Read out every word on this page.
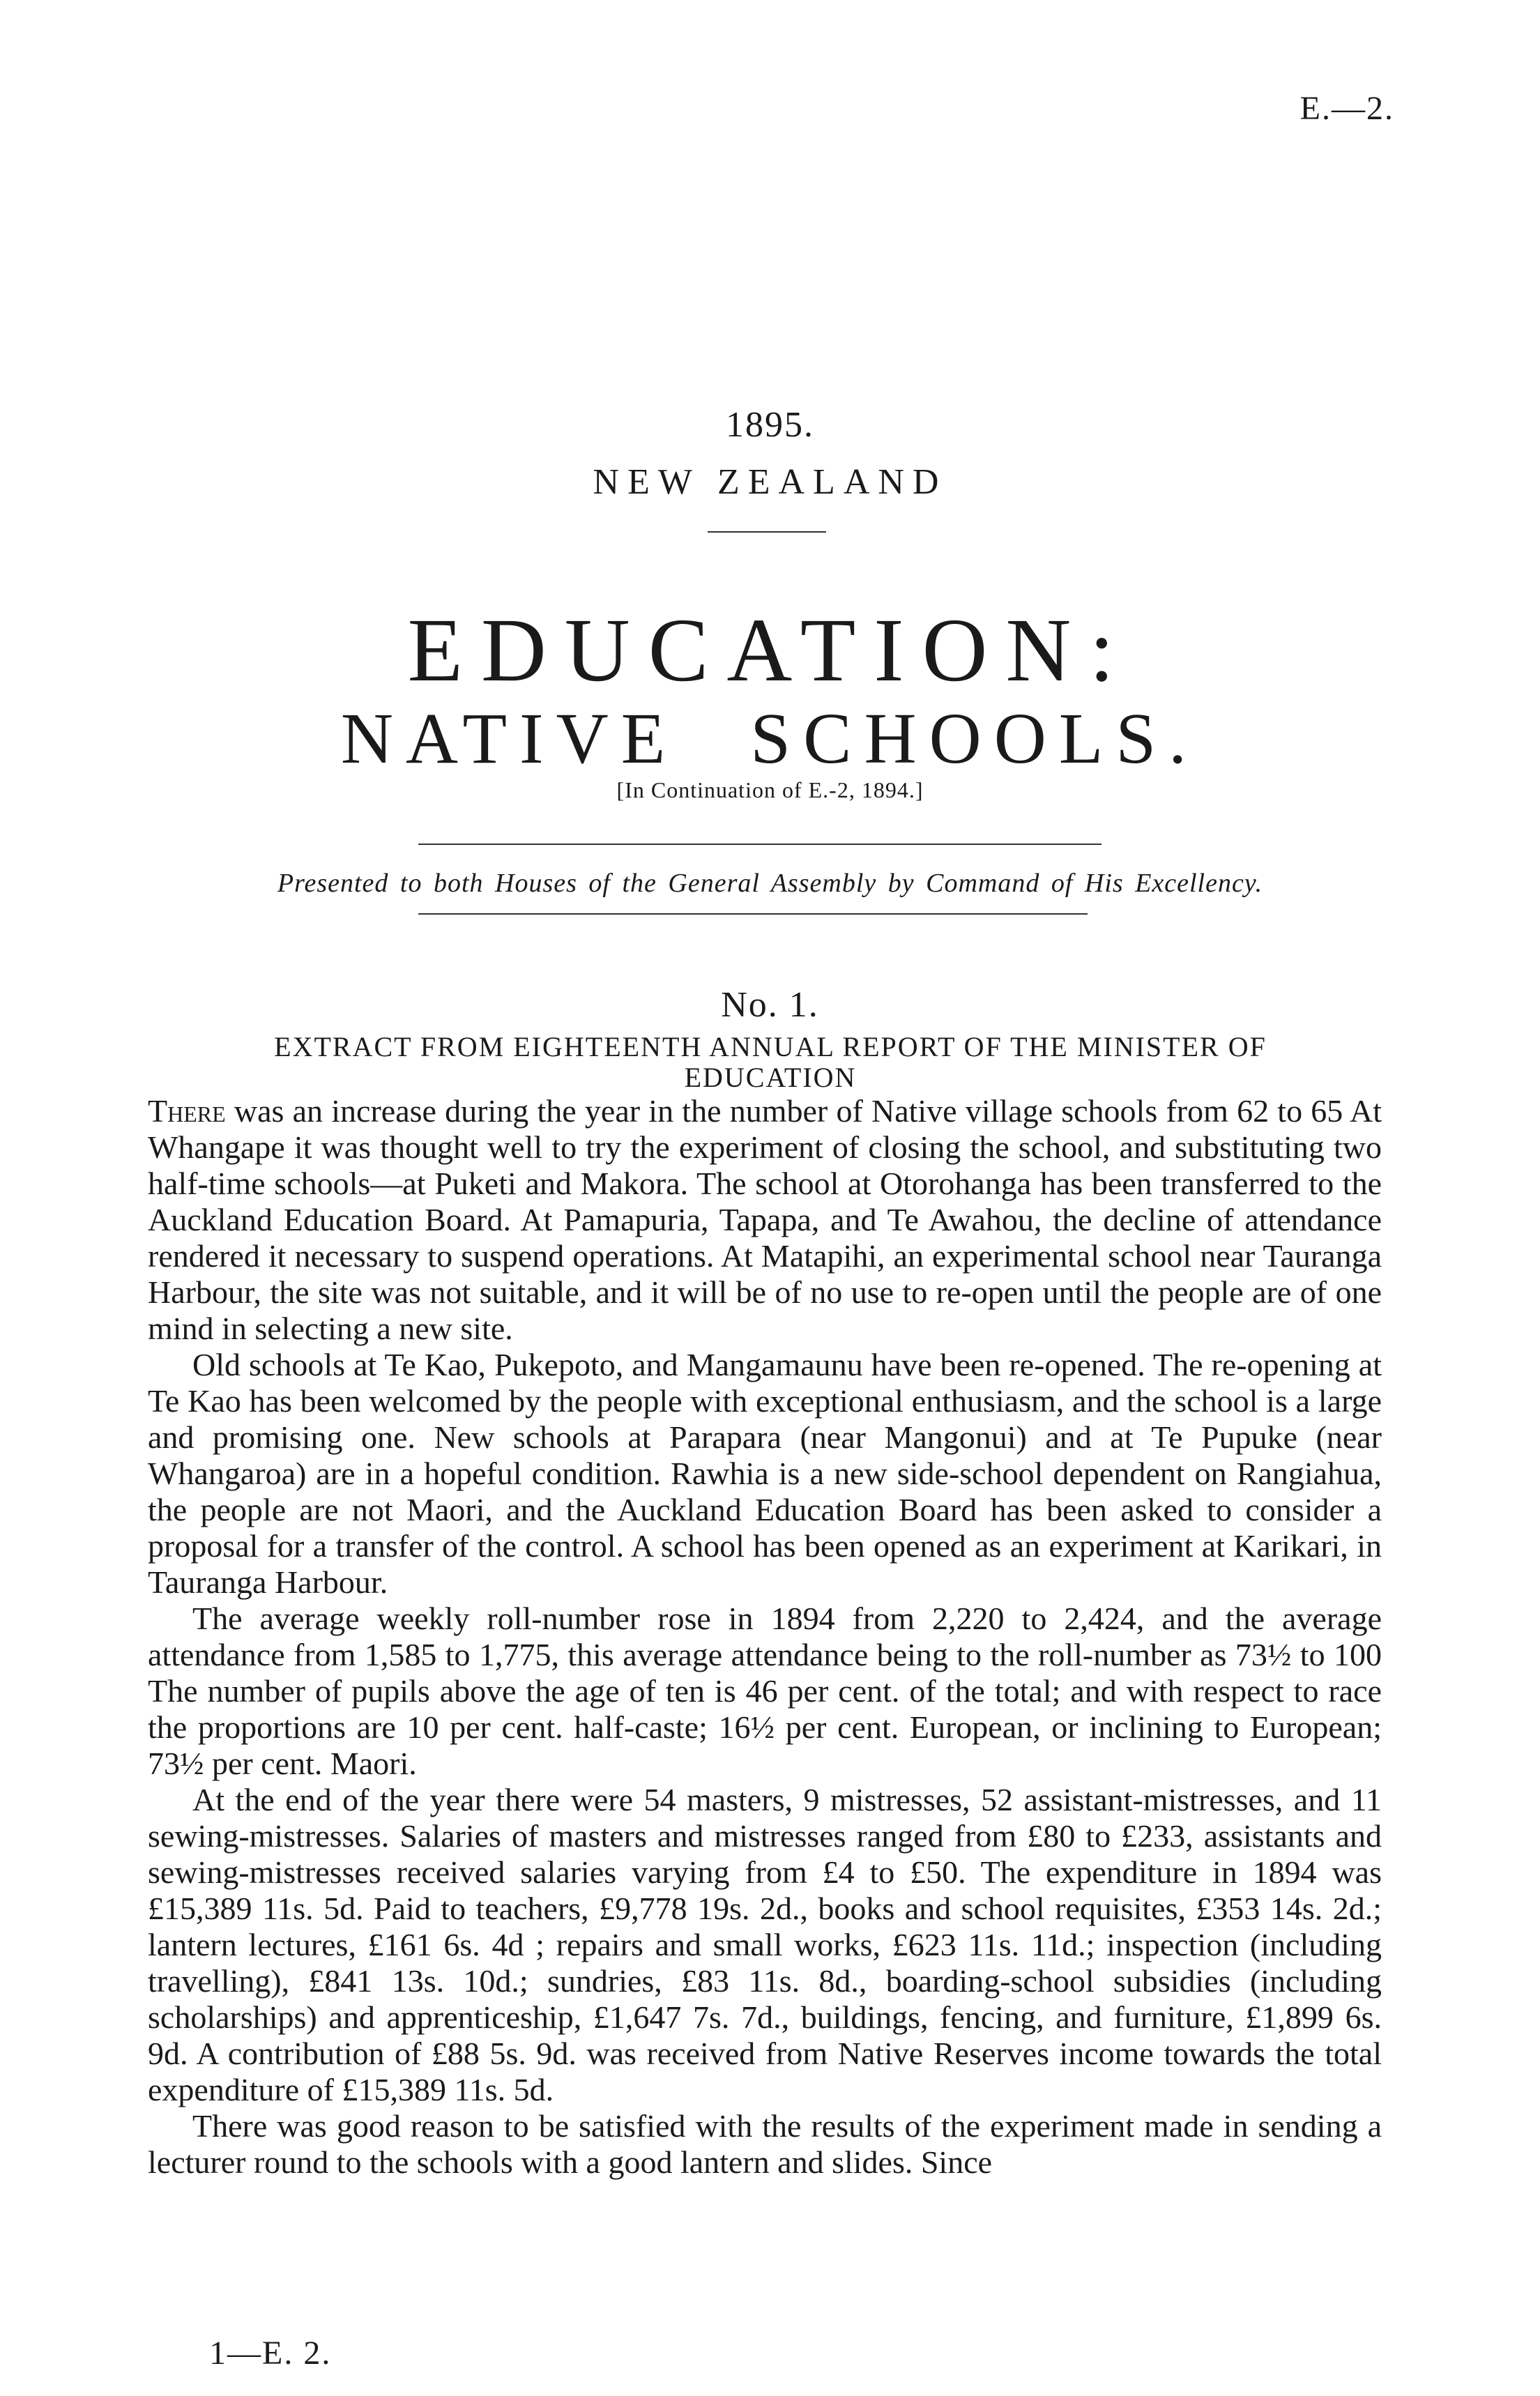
E.—2.
1895.
NEW ZEALAND
EDUCATION:
NATIVE SCHOOLS.
[In Continuation of E.-2, 1894.]
Presented to both Houses of the General Assembly by Command of His Excellency.
No. 1.
EXTRACT FROM EIGHTEENTH ANNUAL REPORT OF THE MINISTER OF EDUCATION

There was an increase during the year in the number of Native village schools from 62 to 65 At Whangape it was thought well to try the experiment of closing the school, and substituting two half-time schools—at Puketi and Makora. The school at Otorohanga has been transferred to the Auckland Education Board. At Pamapuria, Tapapa, and Te Awahou, the decline of attendance rendered it necessary to suspend operations. At Matapihi, an experimental school near Tauranga Harbour, the site was not suitable, and it will be of no use to re-open until the people are of one mind in selecting a new site.

Old schools at Te Kao, Pukepoto, and Mangamaunu have been re-opened. The re-opening at Te Kao has been welcomed by the people with exceptional enthusiasm, and the school is a large and promising one. New schools at Parapara (near Mangonui) and at Te Pupuke (near Whangaroa) are in a hopeful condition. Rawhia is a new side-school dependent on Rangiahua, the people are not Maori, and the Auckland Education Board has been asked to consider a proposal for a transfer of the control. A school has been opened as an experiment at Karikari, in Tauranga Harbour.

The average weekly roll-number rose in 1894 from 2,220 to 2,424, and the average attendance from 1,585 to 1,775, this average attendance being to the roll-number as 73½ to 100 The number of pupils above the age of ten is 46 per cent. of the total; and with respect to race the proportions are 10 per cent. half-caste; 16½ per cent. European, or inclining to European; 73½ per cent. Maori.

At the end of the year there were 54 masters, 9 mistresses, 52 assistant-mistresses, and 11 sewing-mistresses. Salaries of masters and mistresses ranged from £80 to £233, assistants and sewing-mistresses received salaries varying from £4 to £50. The expenditure in 1894 was £15,389 11s. 5d. Paid to teachers, £9,778 19s. 2d., books and school requisites, £353 14s. 2d.; lantern lectures, £161 6s. 4d ; repairs and small works, £623 11s. 11d.; inspection (including travelling), £841 13s. 10d.; sundries, £83 11s. 8d., boarding-school subsidies (including scholarships) and apprenticeship, £1,647 7s. 7d., buildings, fencing, and furniture, £1,899 6s. 9d. A contribution of £88 5s. 9d. was received from Native Reserves income towards the total expenditure of £15,389 11s. 5d.

There was good reason to be satisfied with the results of the experiment made in sending a lecturer round to the schools with a good lantern and slides. Since

1—E. 2.
